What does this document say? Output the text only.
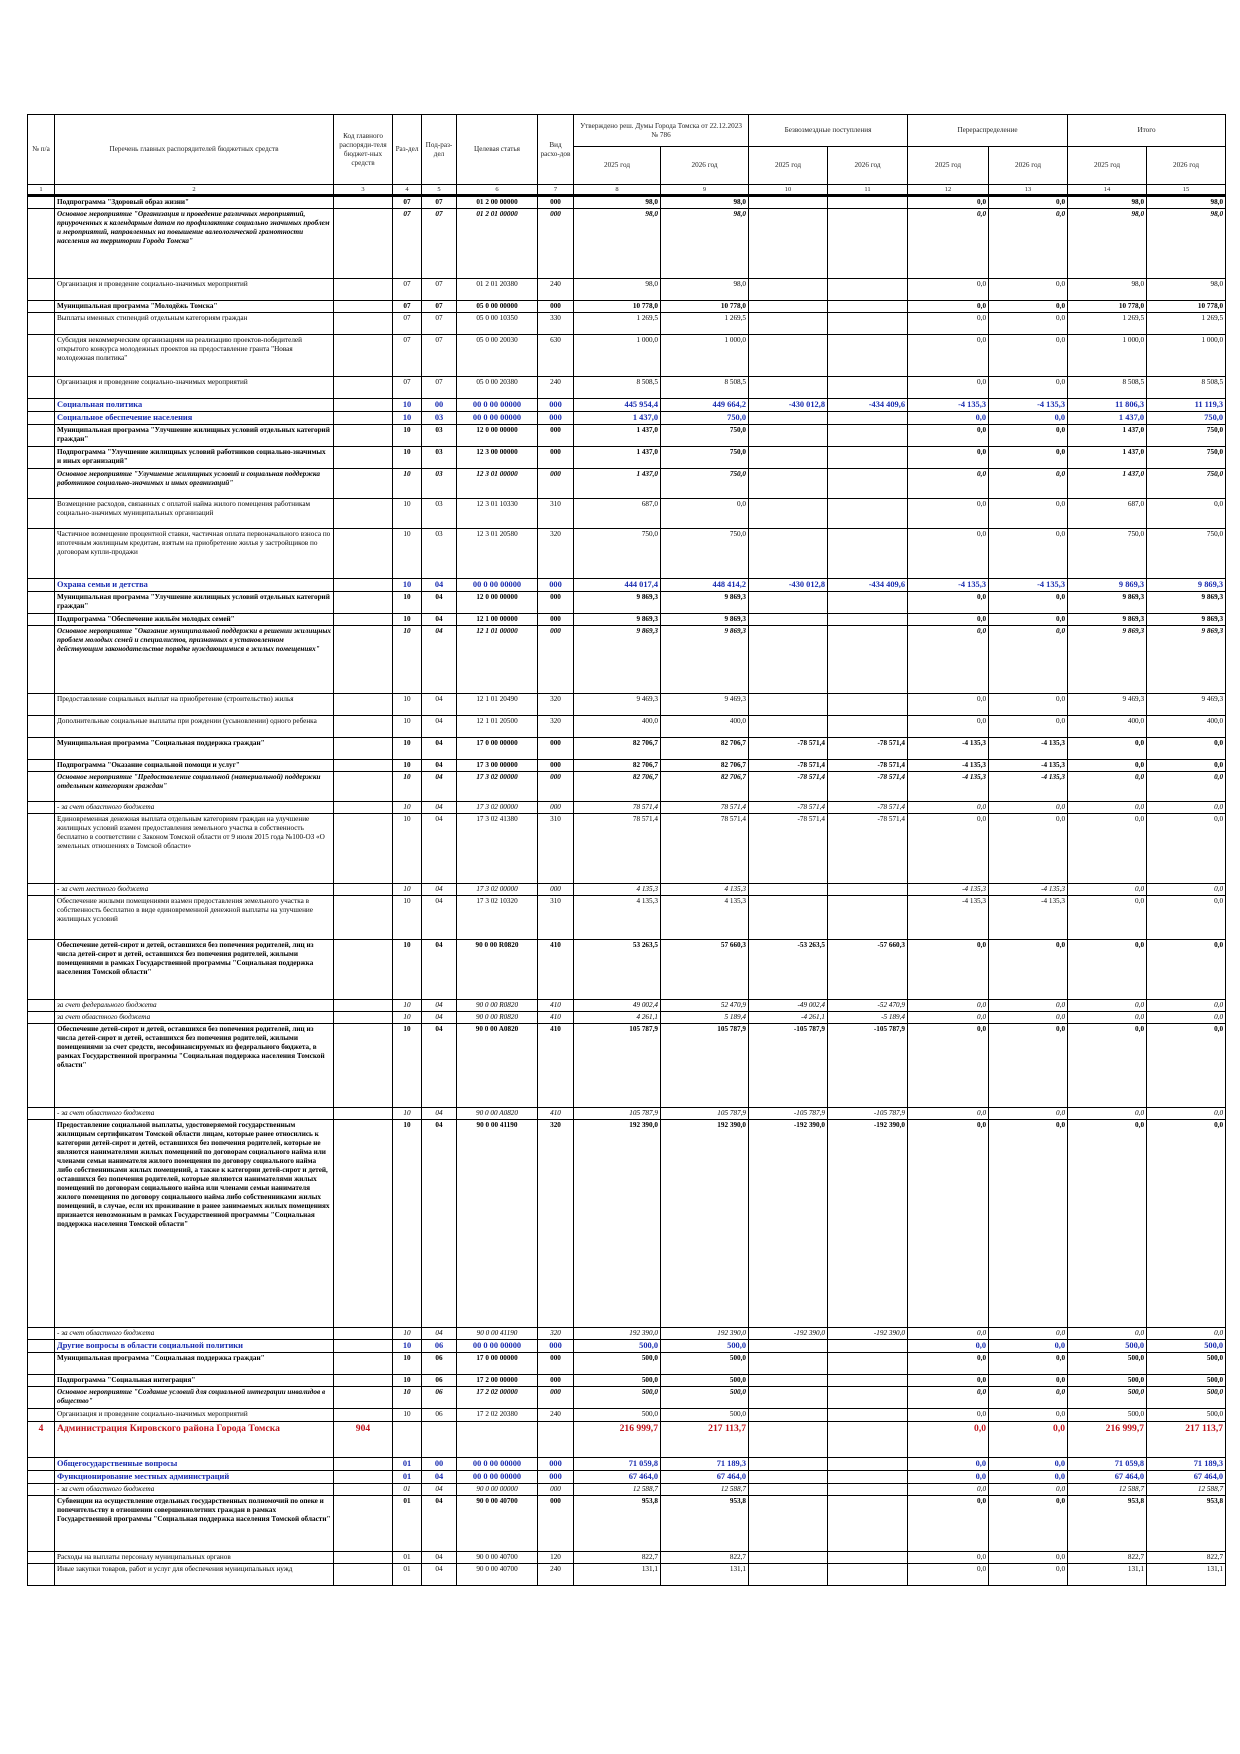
№ п/а	Перечень главных распорядителей бюджетных средств	Код главного распоряди-теля бюджет-ных средств	Раз-дел	Под-раз-дел	Целевая статья	Вид расхо-дов	Утверждено реш. Думы Города Томска от 22.12.2023 № 786		Безвозмездные поступления		Перераспределение		Итого	
							2025 год	2026 год	2025 год	2026 год	2025 год	2026 год	2025 год	2026 год
1	2	3	4	5	6	7	8	9	10	11	12	13	14	15
	Подпрограмма "Здоровый образ жизни"		07	07	01 2 00 00000	000	98,0	98,0			0,0	0,0	98,0	98,0
	Основное мероприятие "Организация и проведение различных мероприятий, приуроченных к календарным датам по профилактике социально значимых проблем и мероприятий, направленных на повышение валеологической грамотности населения на территории Города Томска"		07	07	01 2 01 00000	000	98,0	98,0			0,0	0,0	98,0	98,0
	Организация и проведение социально-значимых мероприятий		07	07	01 2 01 20380	240	98,0	98,0			0,0	0,0	98,0	98,0
	Муниципальная программа "Молодёжь Томска"		07	07	05 0 00 00000	000	10 778,0	10 778,0			0,0	0,0	10 778,0	10 778,0
	Выплаты именных стипендий отдельным категориям граждан		07	07	05 0 00 10350	330	1 269,5	1 269,5			0,0	0,0	1 269,5	1 269,5
	Субсидия некоммерческим организациям на реализацию проектов-победителей открытого конкурса молодежных проектов на предоставление гранта "Новая молодежная политика"		07	07	05 0 00 20030	630	1 000,0	1 000,0			0,0	0,0	1 000,0	1 000,0
	Организация и проведение социально-значимых мероприятий		07	07	05 0 00 20380	240	8 508,5	8 508,5			0,0	0,0	8 508,5	8 508,5
	Социальная политика		10	00	00 0 00 00000	000	445 954,4	449 664,2	-430 012,8	-434 409,6	-4 135,3	-4 135,3	11 806,3	11 119,3
	Социальное обеспечение населения		10	03	00 0 00 00000	000	1 437,0	750,0			0,0	0,0	1 437,0	750,0
	Муниципальная программа "Улучшение жилищных условий отдельных категорий граждан"		10	03	12 0 00 00000	000	1 437,0	750,0			0,0	0,0	1 437,0	750,0
	Подпрограмма "Улучшение жилищных условий работников социально-значимых и иных организаций"		10	03	12 3 00 00000	000	1 437,0	750,0			0,0	0,0	1 437,0	750,0
	Основное мероприятие "Улучшение жилищных условий и социальная поддержка работников социально-значимых и иных организаций"		10	03	12 3 01 00000	000	1 437,0	750,0			0,0	0,0	1 437,0	750,0
	Возмещение расходов, связанных с оплатой найма жилого помещения работникам социально-значимых муниципальных организаций		10	03	12 3 01 10330	310	687,0	0,0			0,0	0,0	687,0	0,0
	Частичное возмещение процентной ставки, частичная оплата первоначального взноса по ипотечным жилищным кредитам, взятым на приобретение жилья у застройщиков по договорам купли-продажи		10	03	12 3 01 20580	320	750,0	750,0			0,0	0,0	750,0	750,0
	Охрана семьи и детства		10	04	00 0 00 00000	000	444 017,4	448 414,2	-430 012,8	-434 409,6	-4 135,3	-4 135,3	9 869,3	9 869,3
	Муниципальная программа "Улучшение жилищных условий отдельных категорий граждан"		10	04	12 0 00 00000	000	9 869,3	9 869,3			0,0	0,0	9 869,3	9 869,3
	Подпрограмма "Обеспечение жильём молодых семей"		10	04	12 1 00 00000	000	9 869,3	9 869,3			0,0	0,0	9 869,3	9 869,3
	Основное мероприятие "Оказание муниципальной поддержки в решении жилищных проблем молодых семей и специалистов, признанных в установленном действующим законодательстве порядке нуждающимися в жилых помещениях"		10	04	12 1 01 00000	000	9 869,3	9 869,3			0,0	0,0	9 869,3	9 869,3
	Предоставление социальных выплат на приобретение (строительство) жилья		10	04	12 1 01 20490	320	9 469,3	9 469,3			0,0	0,0	9 469,3	9 469,3
	Дополнительные социальные выплаты при рождении (усыновлении) одного ребенка		10	04	12 1 01 20500	320	400,0	400,0			0,0	0,0	400,0	400,0
	Муниципальная программа "Социальная поддержка граждан"		10	04	17 0 00 00000	000	82 706,7	82 706,7	-78 571,4	-78 571,4	-4 135,3	-4 135,3	0,0	0,0
	Подпрограмма "Оказание социальной помощи и услуг"		10	04	17 3 00 00000	000	82 706,7	82 706,7	-78 571,4	-78 571,4	-4 135,3	-4 135,3	0,0	0,0
	Основное мероприятие "Предоставление социальной (материальной) поддержки отдельным категориям граждан"		10	04	17 3 02 00000	000	82 706,7	82 706,7	-78 571,4	-78 571,4	-4 135,3	-4 135,3	0,0	0,0
	- за счет областного бюджета		10	04	17 3 02 00000	000	78 571,4	78 571,4	-78 571,4	-78 571,4	0,0	0,0	0,0	0,0
	Единовременная денежная выплата отдельным категориям граждан на улучшение жилищных условий взамен предоставления земельного участка в собственность бесплатно в соответствии с Законом Томской области от 9 июля 2015 года №100-ОЗ «О земельных отношениях в Томской области»		10	04	17 3 02 41380	310	78 571,4	78 571,4	-78 571,4	-78 571,4	0,0	0,0	0,0	0,0
	- за счет местного бюджета		10	04	17 3 02 00000	000	4 135,3	4 135,3			-4 135,3	-4 135,3	0,0	0,0
	Обеспечение жилыми помещениями взамен предоставления земельного участка в собственность бесплатно в виде единовременной денежной выплаты на улучшение жилищных условий		10	04	17 3 02 10320	310	4 135,3	4 135,3			-4 135,3	-4 135,3	0,0	0,0
	Обеспечение детей-сирот и детей, оставшихся без попечения родителей, лиц из числа детей-сирот и детей, оставшихся без попечения родителей, жилыми помещениями в рамках Государственной программы "Социальная поддержка населения Томской области"		10	04	90 0 00 R0820	410	53 263,5	57 660,3	-53 263,5	-57 660,3	0,0	0,0	0,0	0,0
	за счет федерального бюджета		10	04	90 0 00 R0820	410	49 002,4	52 470,9	-49 002,4	-52 470,9	0,0	0,0	0,0	0,0
	за счет областного бюджета		10	04	90 0 00 R0820	410	4 261,1	5 189,4	-4 261,1	-5 189,4	0,0	0,0	0,0	0,0
	Обеспечение детей-сирот и детей, оставшихся без попечения родителей, лиц из числа детей-сирот и детей, оставшихся без попечения родителей, жилыми помещениями за счет средств, несофинансируемых из федерального бюджета, в рамках Государственной программы "Социальная поддержка населения Томской области"		10	04	90 0 00 A0820	410	105 787,9	105 787,9	-105 787,9	-105 787,9	0,0	0,0	0,0	0,0
	- за счет областного бюджета		10	04	90 0 00 A0820	410	105 787,9	105 787,9	-105 787,9	-105 787,9	0,0	0,0	0,0	0,0
	Предоставление социальной выплаты, удостоверяемой государственным жилищным сертификатом Томской области лицам, которые ранее относились к категории детей-сирот и детей, оставшихся без попечения родителей, которые не являются нанимателями жилых помещений по договорам социального найма или членами семьи нанимателя жилого помещения по договору социального найма либо собственниками жилых помещений, а также к категории детей-сирот и детей, оставшихся без попечения родителей, которые являются нанимателями жилых помещений по договорам социального найма или членами семьи нанимателя жилого помещения по договору социального найма либо собственниками жилых помещений, в случае, если их проживание в ранее занимаемых жилых помещениях признается невозможным в рамках Государственной программы "Социальная поддержка населения Томской области"		10	04	90 0 00 41190	320	192 390,0	192 390,0	-192 390,0	-192 390,0	0,0	0,0	0,0	0,0
	- за счет областного бюджета		10	04	90 0 00 41190	320	192 390,0	192 390,0	-192 390,0	-192 390,0	0,0	0,0	0,0	0,0
	Другие вопросы в области социальной политики		10	06	00 0 00 00000	000	500,0	500,0			0,0	0,0	500,0	500,0
	Муниципальная программа "Социальная поддержка граждан"		10	06	17 0 00 00000	000	500,0	500,0			0,0	0,0	500,0	500,0
	Подпрограмма "Социальная интеграция"		10	06	17 2 00 00000	000	500,0	500,0			0,0	0,0	500,0	500,0
	Основное мероприятие "Создание условий для социальной интеграции инвалидов в общество"		10	06	17 2 02 00000	000	500,0	500,0			0,0	0,0	500,0	500,0
	Организация и проведение социально-значимых мероприятий		10	06	17 2 02 20380	240	500,0	500,0			0,0	0,0	500,0	500,0
4	Администрация Кировского района Города Томска	904					216 999,7	217 113,7			0,0	0,0	216 999,7	217 113,7
	Общегосударственные вопросы		01	00	00 0 00 00000	000	71 059,8	71 189,3			0,0	0,0	71 059,8	71 189,3
	Функционирование местных администраций		01	04	00 0 00 00000	000	67 464,0	67 464,0			0,0	0,0	67 464,0	67 464,0
	- за счет областного бюджета		01	04	90 0 00 00000	000	12 588,7	12 588,7			0,0	0,0	12 588,7	12 588,7
	Субвенции на осуществление отдельных государственных полномочий по опеке и попечительству в отношении совершеннолетних граждан в рамках Государственной программы "Социальная поддержка населения Томской области"		01	04	90 0 00 40700	000	953,8	953,8			0,0	0,0	953,8	953,8
	Расходы на выплаты персоналу муниципальных органов		01	04	90 0 00 40700	120	822,7	822,7			0,0	0,0	822,7	822,7
	Иные закупки товаров, работ и услуг для обеспечения муниципальных нужд		01	04	90 0 00 40700	240	131,1	131,1			0,0	0,0	131,1	131,1
